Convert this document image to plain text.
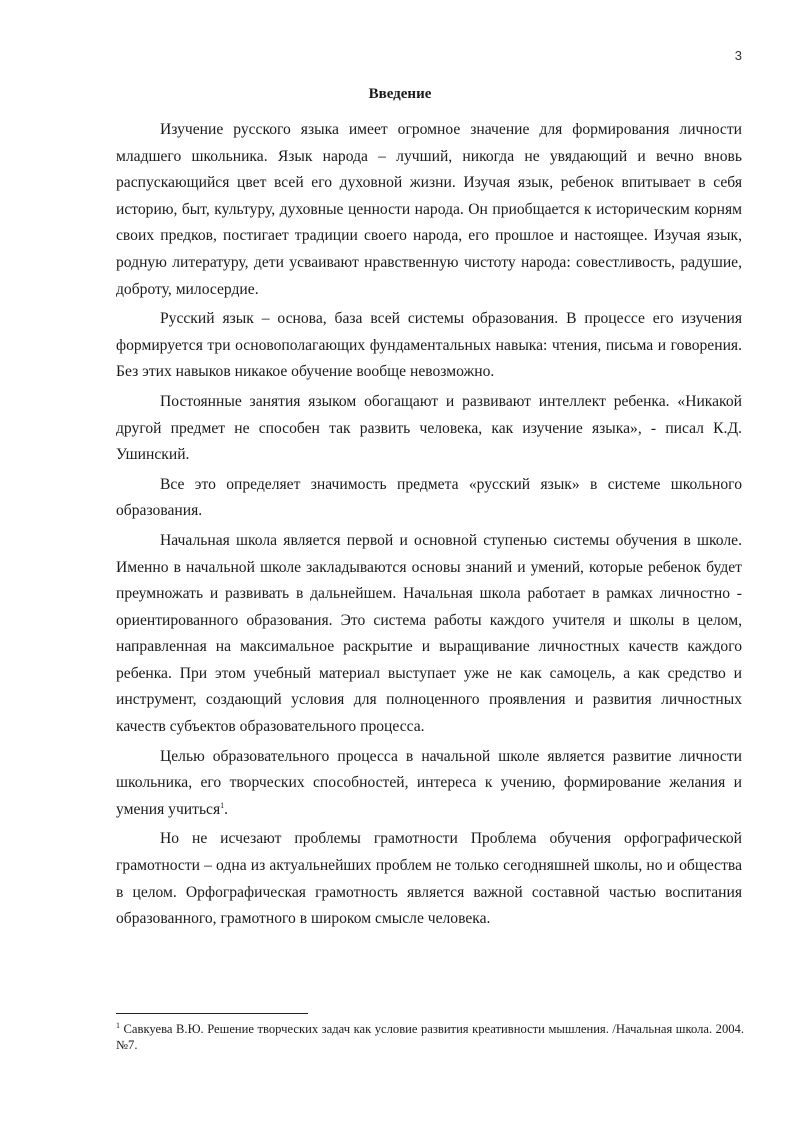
3
Введение

Изучение русского языка имеет огромное значение для формирования личности младшего школьника. Язык народа – лучший, никогда не увядающий и вечно вновь распускающийся цвет всей его духовной жизни. Изучая язык, ребенок впитывает в себя историю, быт, культуру, духовные ценности народа. Он приобщается к историческим корням своих предков, постигает традиции своего народа, его прошлое и настоящее. Изучая язык, родную литературу, дети усваивают нравственную чистоту народа: совестливость, радушие, доброту, милосердие.

Русский язык – основа, база всей системы образования. В процессе его изучения формируется три основополагающих фундаментальных навыка: чтения, письма и говорения. Без этих навыков никакое обучение вообще невозможно.

Постоянные занятия языком обогащают и развивают интеллект ребенка. «Никакой другой предмет не способен так развить человека, как изучение языка», - писал К.Д. Ушинский.

Все это определяет значимость предмета «русский язык» в системе школьного образования.

Начальная школа является первой и основной ступенью системы обучения в школе. Именно в начальной школе закладываются основы знаний и умений, которые ребенок будет преумножать и развивать в дальнейшем. Начальная школа работает в рамках личностно - ориентированного образования. Это система работы каждого учителя и школы в целом, направленная на максимальное раскрытие и выращивание личностных качеств каждого ребенка. При этом учебный материал выступает уже не как самоцель, а как средство и инструмент, создающий условия для полноценного проявления и развития личностных качеств субъектов образовательного процесса.

Целью образовательного процесса в начальной школе является развитие личности школьника, его творческих способностей, интереса к учению, формирование желания и умения учиться$^1$.

Но не исчезают проблемы грамотности Проблема обучения орфографической грамотности – одна из актуальнейших проблем не только сегодняшней школы, но и общества в целом. Орфографическая грамотность является важной составной частью воспитания образованного, грамотного в широком смысле человека.

$^1$ Савкуева В.Ю. Решение творческих задач как условие развития креативности мышления. /Начальная школа. 2004. №7.
